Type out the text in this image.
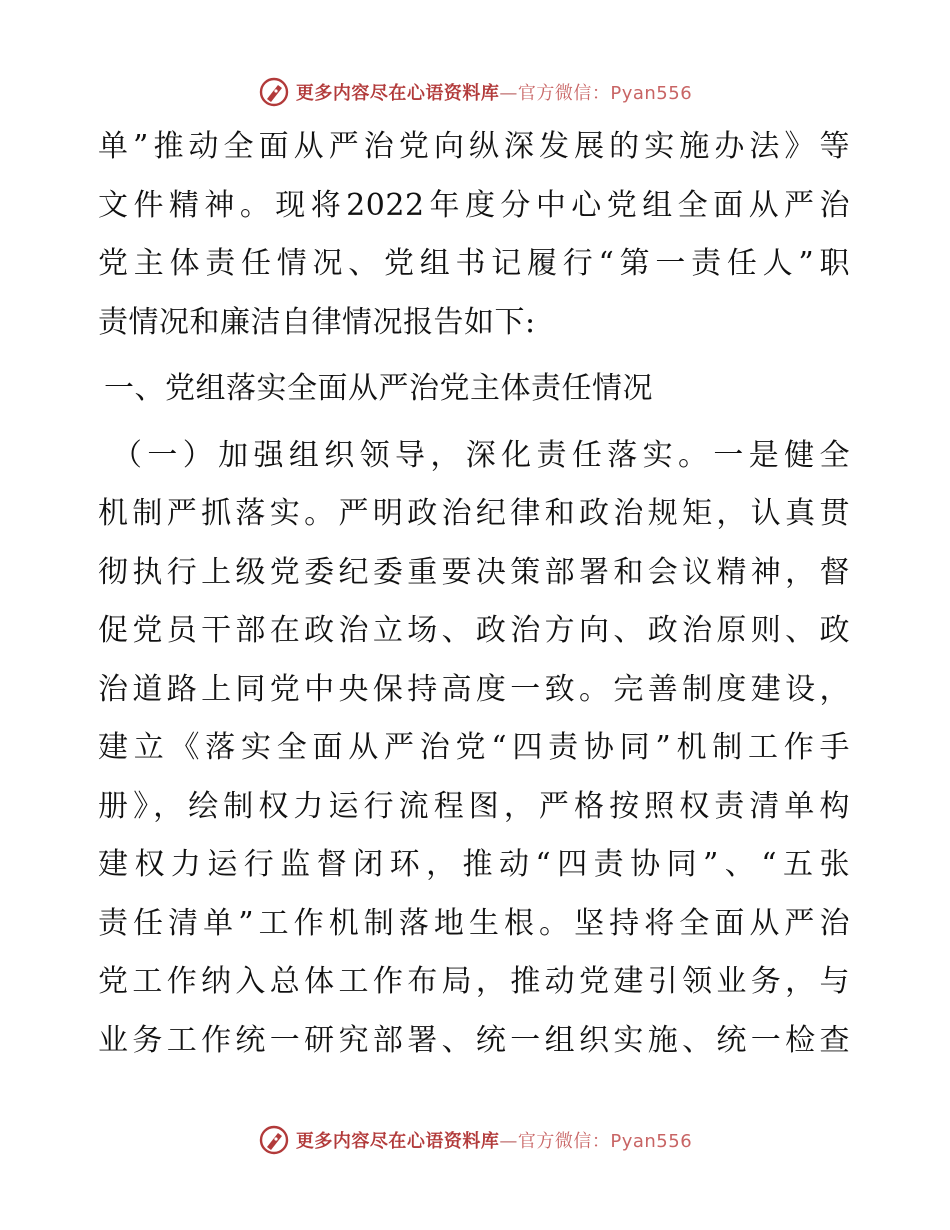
更多内容尽在心语资料库—官方微信：Pyan556
单”推动全面从严治党向纵深发展的实施办法》等
文件精神。现将2022年度分中心党组全面从严治
党主体责任情况、党组书记履行“第一责任人”职
责情况和廉洁自律情况报告如下:
一、党组落实全面从严治党主体责任情况
（一）加强组织领导，深化责任落实。一是健全
机制严抓落实。严明政治纪律和政治规矩，认真贯
彻执行上级党委纪委重要决策部署和会议精神，督
促党员干部在政治立场、政治方向、政治原则、政
治道路上同党中央保持高度一致。完善制度建设，
建立《落实全面从严治党“四责协同”机制工作手
册》，绘制权力运行流程图，严格按照权责清单构
建权力运行监督闭环，推动“四责协同”、“五张
责任清单”工作机制落地生根。坚持将全面从严治
党工作纳入总体工作布局，推动党建引领业务，与
业务工作统一研究部署、统一组织实施、统一检查
更多内容尽在心语资料库—官方微信：Pyan556
